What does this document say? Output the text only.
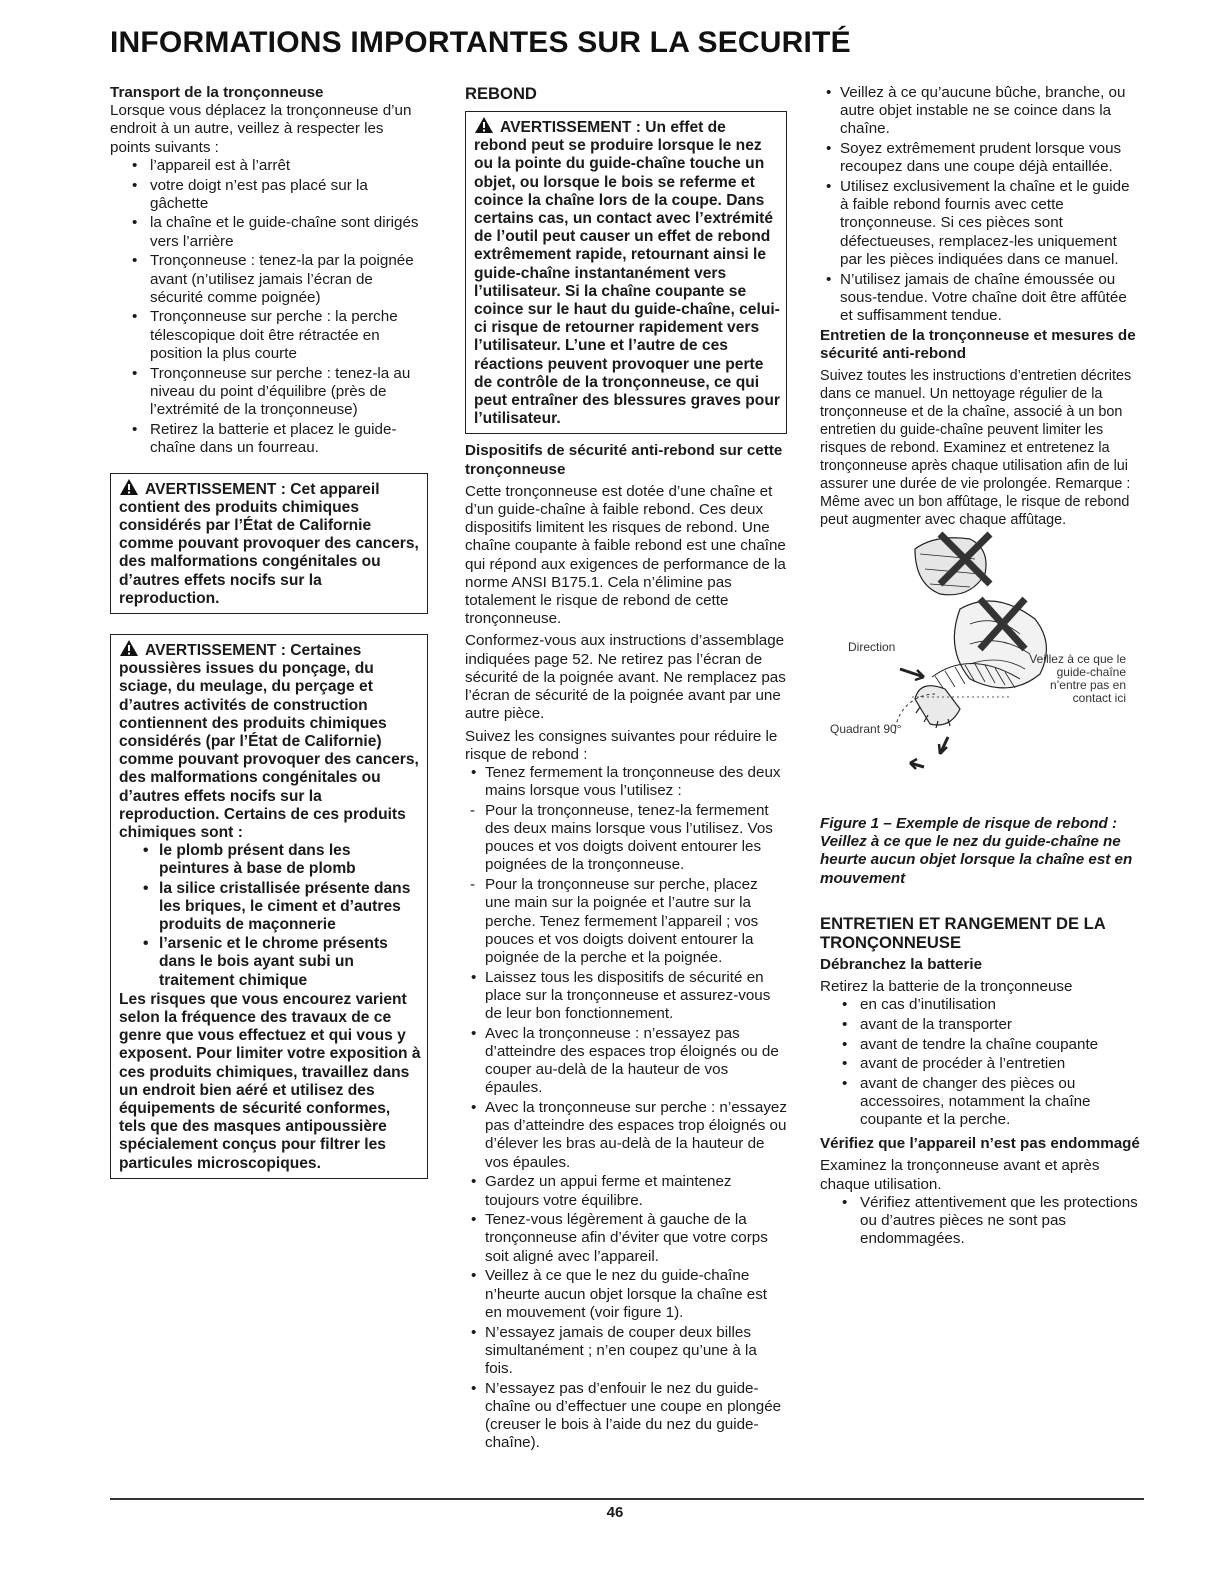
INFORMATIONS IMPORTANTES SUR LA SECURITÉ

Transport de la tronçonneuse

Lorsque vous déplacez la tronçonneuse d’un endroit à un autre, veillez à respecter les points suivants :

• l’appareil est à l’arrêt
• votre doigt n’est pas placé sur la gâchette
• la chaîne et le guide-chaîne sont dirigés vers l’arrière
• Tronçonneuse : tenez-la par la poignée avant (n’utilisez jamais l’écran de sécurité comme poignée)
• Tronçonneuse sur perche : la perche télescopique doit être rétractée en position la plus courte
• Tronçonneuse sur perche : tenez-la au niveau du point d’équilibre (près de l’extrémité de la tronçonneuse)
• Retirez la batterie et placez le guide-chaîne dans un fourreau.
AVERTISSEMENT : Cet appareil contient des produits chimiques considérés par l’État de Californie comme pouvant provoquer des cancers, des malformations congénitales ou d’autres effets nocifs sur la reproduction.
AVERTISSEMENT : Certaines poussières issues du ponçage, du sciage, du meulage, du perçage et d’autres activités de construction contiennent des produits chimiques considérés (par l’État de Californie) comme pouvant provoquer des cancers, des malformations congénitales ou d’autres effets nocifs sur la reproduction. Certains de ces produits chimiques sont :
• le plomb présent dans les peintures à base de plomb
• la silice cristallisée présente dans les briques, le ciment et d’autres produits de maçonnerie
• l’arsenic et le chrome présents dans le bois ayant subi un traitement chimique
Les risques que vous encourez varient selon la fréquence des travaux de ce genre que vous effectuez et qui vous y exposent. Pour limiter votre exposition à ces produits chimiques, travaillez dans un endroit bien aéré et utilisez des équipements de sécurité conformes, tels que des masques antipoussière spécialement conçus pour filtrer les particules microscopiques.

REBOND

AVERTISSEMENT : Un effet de rebond peut se produire lorsque le nez ou la pointe du guide-chaîne touche un objet, ou lorsque le bois se referme et coince la chaîne lors de la coupe. Dans certains cas, un contact avec l’extrémité de l’outil peut causer un effet de rebond extrêmement rapide, retournant ainsi le guide-chaîne instantanément vers l’utilisateur. Si la chaîne coupante se coince sur le haut du guide-chaîne, celui-ci risque de retourner rapidement vers l’utilisateur. L’une et l’autre de ces réactions peuvent provoquer une perte de contrôle de la tronçonneuse, ce qui peut entraîner des blessures graves pour l’utilisateur.

Dispositifs de sécurité anti-rebond sur cette tronçonneuse

Cette tronçonneuse est dotée d’une chaîne et d’un guide-chaîne à faible rebond. Ces deux dispositifs limitent les risques de rebond. Une chaîne coupante à faible rebond est une chaîne qui répond aux exigences de performance de la norme ANSI B175.1. Cela n’élimine pas totalement le risque de rebond de cette tronçonneuse.

Conformez-vous aux instructions d’assemblage indiquées page 52. Ne retirez pas l’écran de sécurité de la poignée avant. Ne remplacez pas l’écran de sécurité de la poignée avant par une autre pièce.

Suivez les consignes suivantes pour réduire le risque de rebond :

• Tenez fermement la tronçonneuse des deux mains lorsque vous l’utilisez :
- Pour la tronçonneuse, tenez-la fermement des deux mains lorsque vous l’utilisez. Vos pouces et vos doigts doivent entourer les poignées de la tronçonneuse.
- Pour la tronçonneuse sur perche, placez une main sur la poignée et l’autre sur la perche. Tenez fermement l’appareil ; vos pouces et vos doigts doivent entourer la poignée de la perche et la poignée.
• Laissez tous les dispositifs de sécurité en place sur la tronçonneuse et assurez-vous de leur bon fonctionnement.
• Avec la tronçonneuse : n’essayez pas d’atteindre des espaces trop éloignés ou de couper au-delà de la hauteur de vos épaules.
• Avec la tronçonneuse sur perche : n’essayez pas d’atteindre des espaces trop éloignés ou d’élever les bras au-delà de la hauteur de vos épaules.
• Gardez un appui ferme et maintenez toujours votre équilibre.
• Tenez-vous légèrement à gauche de la tronçonneuse afin d’éviter que votre corps soit aligné avec l’appareil.
• Veillez à ce que le nez du guide-chaîne n’heurte aucun objet lorsque la chaîne est en mouvement (voir figure 1).
• N’essayez jamais de couper deux billes simultanément ; n’en coupez qu’une à la fois.
• N’essayez pas d’enfouir le nez du guide-chaîne ou d’effectuer une coupe en plongée (creuser le bois à l’aide du nez du guide-chaîne).
• Veillez à ce qu’aucune bûche, branche, ou autre objet instable ne se coince dans la chaîne.
• Soyez extrêmement prudent lorsque vous recoupez dans une coupe déjà entaillée.
• Utilisez exclusivement la chaîne et le guide à faible rebond fournis avec cette tronçonneuse. Si ces pièces sont défectueuses, remplacez-les uniquement par les pièces indiquées dans ce manuel.
• N’utilisez jamais de chaîne émoussée ou sous-tendue. Votre chaîne doit être affûtée et suffisamment tendue.

Entretien de la tronçonneuse et mesures de sécurité anti-rebond

Suivez toutes les instructions d’entretien décrites dans ce manuel. Un nettoyage régulier de la tronçonneuse et de la chaîne, associé à un bon entretien du guide-chaîne peuvent limiter les risques de rebond. Examinez et entretenez la tronçonneuse après chaque utilisation afin de lui assurer une durée de vie prolongée. Remarque : Même avec un bon affûtage, le risque de rebond peut augmenter avec chaque affûtage.

Direction
Quadrant 90°
Veillez à ce que le guide-chaîne n’entre pas en contact ici

Figure 1 – Exemple de risque de rebond : Veillez à ce que le nez du guide-chaîne ne heurte aucun objet lorsque la chaîne est en mouvement

ENTRETIEN ET RANGEMENT DE LA TRONÇONNEUSE

Débranchez la batterie

Retirez la batterie de la tronçonneuse

• en cas d’inutilisation
• avant de la transporter
• avant de tendre la chaîne coupante
• avant de procéder à l’entretien
• avant de changer des pièces ou accessoires, notamment la chaîne coupante et la perche.

Vérifiez que l’appareil n’est pas endommagé

Examinez la tronçonneuse avant et après chaque utilisation.

• Vérifiez attentivement que les protections ou d’autres pièces ne sont pas endommagées.
46
